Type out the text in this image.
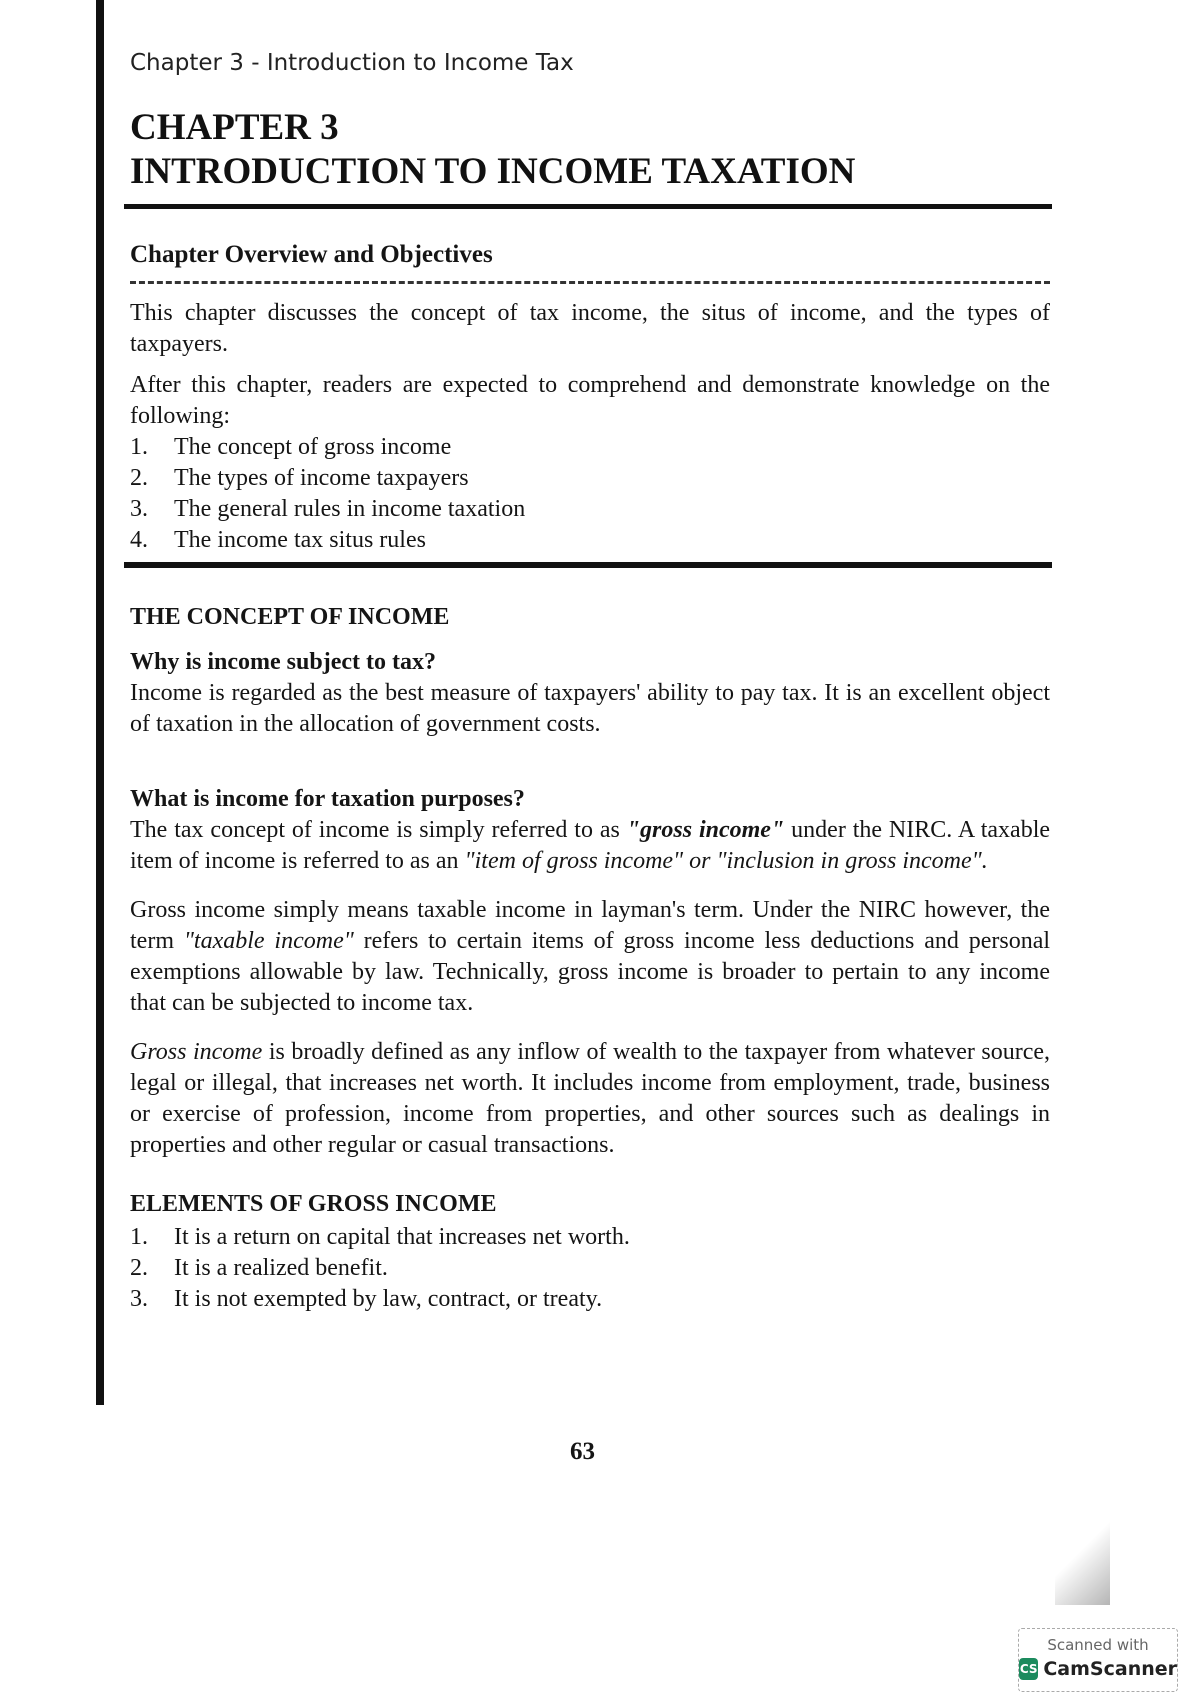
Chapter 3 - Introduction to Income Tax
CHAPTER 3
INTRODUCTION TO INCOME TAXATION
Chapter Overview and Objectives

This chapter discusses the concept of tax income, the situs of income, and the types of taxpayers.

After this chapter, readers are expected to comprehend and demonstrate knowledge on the following:

1.	The concept of gross income
2.	The types of income taxpayers
3.	The general rules in income taxation
4.	The income tax situs rules
THE CONCEPT OF INCOME
Why is income subject to tax?

Income is regarded as the best measure of taxpayers' ability to pay tax. It is an excellent object of taxation in the allocation of government costs.

What is income for taxation purposes?

The tax concept of income is simply referred to as "gross income" under the NIRC. A taxable item of income is referred to as an "item of gross income" or "inclusion in gross income".

Gross income simply means taxable income in layman's term. Under the NIRC however, the term "taxable income" refers to certain items of gross income less deductions and personal exemptions allowable by law. Technically, gross income is broader to pertain to any income that can be subjected to income tax.

Gross income is broadly defined as any inflow of wealth to the taxpayer from whatever source, legal or illegal, that increases net worth. It includes income from employment, trade, business or exercise of profession, income from properties, and other sources such as dealings in properties and other regular or casual transactions.

ELEMENTS OF GROSS INCOME
1.	It is a return on capital that increases net worth.
2.	It is a realized benefit.
3.	It is not exempted by law, contract, or treaty.
63
Scanned with
CS CamScanner
